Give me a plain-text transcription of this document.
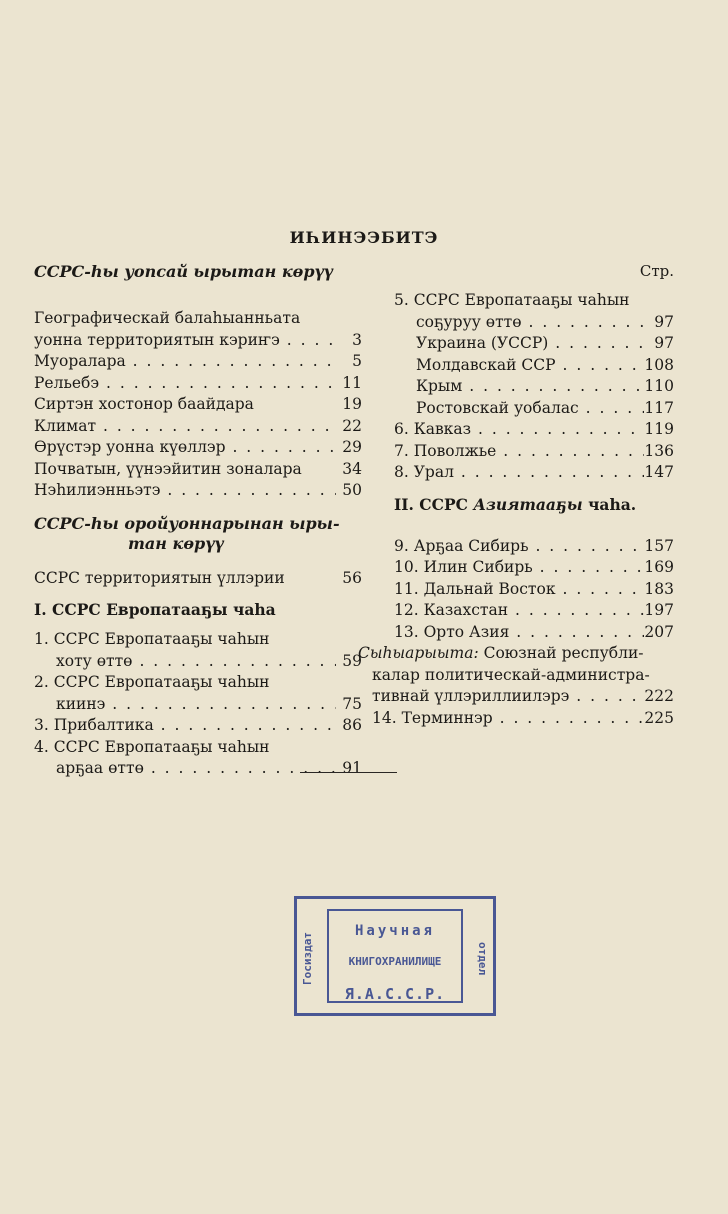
ИҺИНЭЭБИТЭ
ССРС-һы уопсай ырытан көрүү
Географическай балаһыанньата
уонна территориятын кэриҥэ . . .	3
Муоралара . . .	5
Рельебэ . . .	11
Сиртэн хостонор баайдара	19
Климат . . .	22
Өрүстэр уонна күөллэр . . .	29
Почватын, үүнээйитин зоналара	34
Нэһилиэнньэтэ . . .	50
ССРС-һы оройуоннарынан ыры-
тан көрүү
ССРС территориятын үллэрии	56
I. ССРС Европатааҕы чаһа
1. ССРС Европатааҕы чаһын
хоту өттө . . .	59
2. ССРС Европатааҕы чаһын
киинэ . . .	75
3. Прибалтика . . .	86
4. ССРС Европатааҕы чаһын
арҕаа өттө . . .	91
Стр.
5. ССРС Европатааҕы чаһын
соҕуруу өттө . . .	97
Украина (УССР) . . .	97
Молдавскай ССР . . .	108
Крым . . .	110
Ростовскай уобалас . . .	117
6. Кавказ . . .	119
7. Поволжье . . .	136
8. Урал . . .	147
II. ССРС Азиятааҕы чаһа.
9. Арҕаа Сибирь . . .	157
10. Илин Сибирь . . .	169
11. Дальнай Восток . . .	183
12. Казахстан . . .	197
13. Орто Азия . . .	207
Сыһыарыыта: Союзнай республи-
калар политическай-администра-
тивнай үллэриллиилэрэ . . .	222
14. Терминнэр . . .	225
Госиздат
Научная
КНИГОХРАНИЛИЩЕ
Я.А.С.С.Р.
отдел
